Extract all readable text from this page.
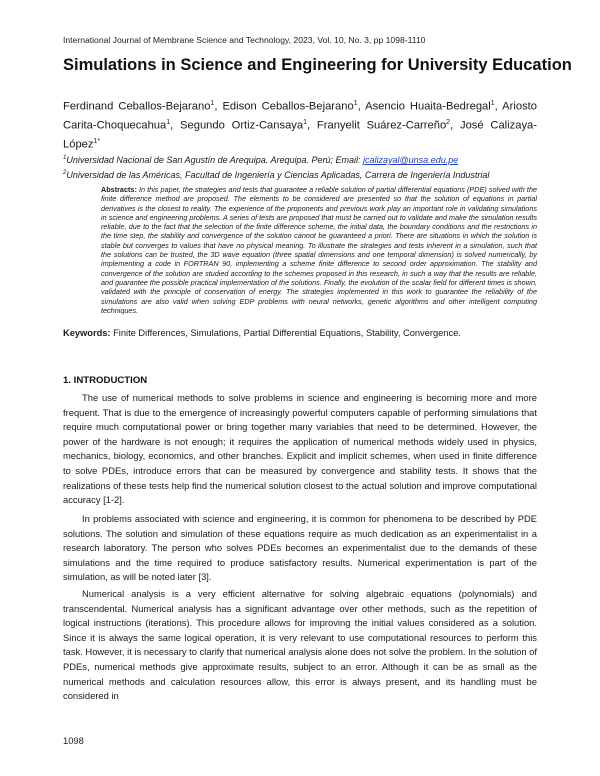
International Journal of Membrane Science and Technology, 2023, Vol. 10, No. 3, pp 1098-1110
Simulations in Science and Engineering for University Education
Ferdinand Ceballos-Bejarano$^1$, Edison Ceballos-Bejarano$^1$, Asencio Huaita-Bedregal$^1$, Ariosto Carita-Choquecahua$^1$, Segundo Ortiz-Cansaya$^1$, Franyelit Suárez-Carreño$^2$, José Calizaya-López$^{1*}$
$^1$Universidad Nacional de San Agustín de Arequipa. Arequipa. Perú; Email: jcalizayal@unsa.edu.pe
$^2$Universidad de las Américas, Facultad de Ingeniería y Ciencias Aplicadas, Carrera de Ingeniería Industrial
Abstracts: In this paper, the strategies and tests that guarantee a reliable solution of partial differential equations (PDE) solved with the finite difference method are proposed. The elements to be considered are presented so that the solution of equations in partial derivatives is the closest to reality. The experience of the proponents and previous work play an important role in validating simulations in science and engineering problems. A series of tests are proposed that must be carried out to validate and make the simulation results reliable, due to the fact that the selection of the finite difference scheme, the initial data, the boundary conditions and the restrictions in the time step, the stability and convergence of the solution cannot be guaranteed a priori. There are situations in which the solution is stable but converges to values that have no physical meaning. To illustrate the strategies and tests inherent in a simulation, such that the solutions can be trusted, the 3D wave equation (three spatial dimensions and one temporal dimension) is solved numerically, by implementing a code in FORTRAN 90, implementing a scheme finite difference to second order approximation. The stability and convergence of the solution are studied according to the schemes proposed in this research, in such a way that the results are reliable, and guarantee the possible practical implementation of the solutions. Finally, the evolution of the scalar field for different times is shown, validated with the principle of conservation of energy. The strategies implemented in this work to guarantee the reliability of the simulations are also valid when solving EDP problems with neural networks, genetic algorithms and other intelligent computing techniques.
Keywords: Finite Differences, Simulations, Partial Differential Equations, Stability, Convergence.
1. INTRODUCTION

The use of numerical methods to solve problems in science and engineering is becoming more and more frequent. That is due to the emergence of increasingly powerful computers capable of performing simulations that require much computational power or bring together many variables that need to be determined. However, the power of the hardware is not enough; it requires the application of numerical methods widely used in physics, mechanics, biology, economics, and other branches. Explicit and implicit schemes, when used in finite difference to solve PDEs, introduce errors that can be measured by convergence and stability tests. It shows that the realizations of these tests help find the numerical solution closest to the actual solution and improve computational accuracy [1-2].

In problems associated with science and engineering, it is common for phenomena to be described by PDE solutions. The solution and simulation of these equations require as much dedication as an experimentalist in a research laboratory. The person who solves PDEs becomes an experimentalist due to the demands of these simulations and the time required to produce satisfactory results. Numerical experimentation is part of the simulation, as will be noted later [3].

Numerical analysis is a very efficient alternative for solving algebraic equations (polynomials) and transcendental. Numerical analysis has a significant advantage over other methods, such as the repetition of logical instructions (iterations). This procedure allows for improving the initial values considered as a solution. Since it is always the same logical operation, it is very relevant to use computational resources to perform this task. However, it is necessary to clarify that numerical analysis alone does not solve the problem. In the solution of PDEs, numerical methods give approximate results, subject to an error. Although it can be as small as the numerical methods and calculation resources allow, this error is always present, and its handling must be considered in

1098
